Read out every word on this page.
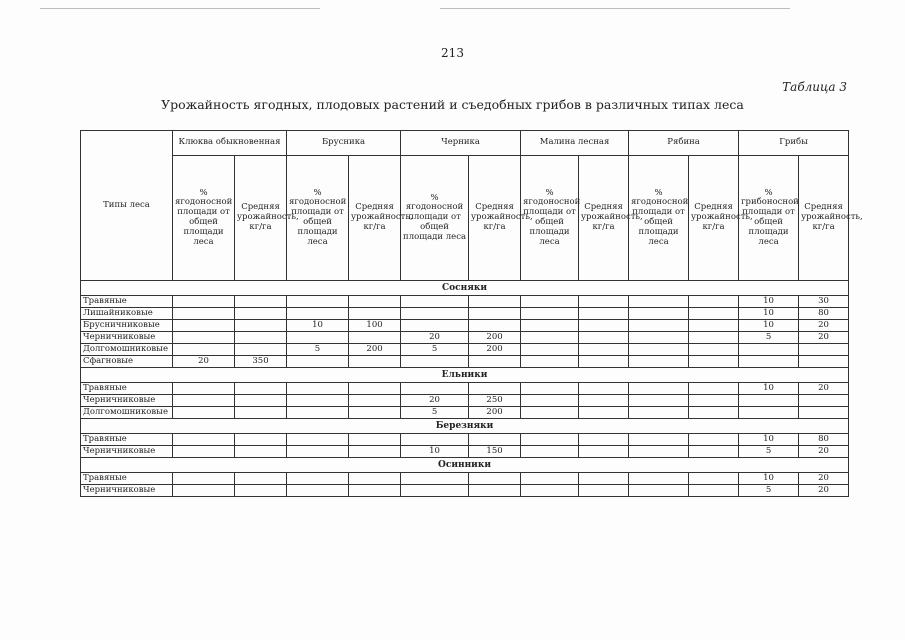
213
Таблица 3
Урожайность ягодных, плодовых растений и съедобных грибов в различных типах леса
Типы леса	Клюква обыкновенная		Брусника		Черника		Малина лесная		Рябина		Грибы	
	% ягодоносной площади от общей площади леса	Средняя урожайность, кг/га	% ягодоносной площади от общей площади леса	Средняя урожайность, кг/га	% ягодоносной площади от общей площади леса	Средняя урожайность, кг/га	% ягодоносной площади от общей площади леса	Средняя урожайность, кг/га	% ягодоносной площади от общей площади леса	Средняя урожайность, кг/га	% грибоносной площади от общей площади леса	Средняя урожайность, кг/га
Сосняки												
Травяные											10	30
Лишайниковые											10	80
Брусничниковые			10	100							10	20
Черничниковые					20	200					5	20
Долгомошниковые			5	200	5	200						
Сфагновые	20	350										
Ельники												
Травяные											10	20
Черничниковые					20	250						
Долгомошниковые					5	200						
Березняки												
Травяные											10	80
Черничниковые					10	150					5	20
Осинники												
Травяные											10	20
Черничниковые											5	20
